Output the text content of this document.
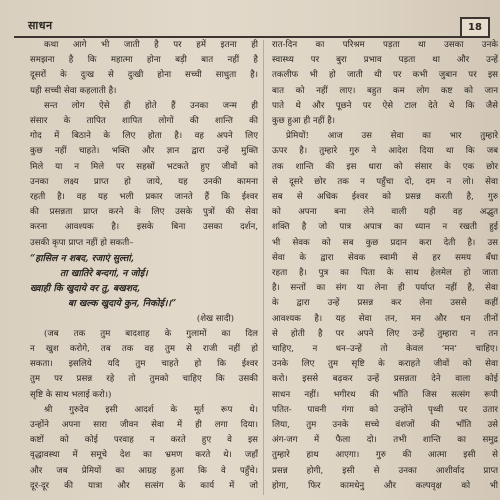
साधन	18
कथा आगे भी जाती है पर हमें इतना ही
समझना है कि महात्मा होना बड़ी बात नहीं है
दूसरों के दुःख से दुःखी होना सच्ची साधुता है।
यही सच्ची सेवा कहलाती है।
सन्त लोग ऐसे ही होते हैं उनका जन्म ही
संसार के तापित शापित लोगों की शान्ति की
गोद में बिठाने के लिए होता है। वह अपने लिए
कुछ नहीं चाहते। भक्ति और ज्ञान द्वारा उन्हें मुक्ति
मिले या न मिले पर सहस्रों भटकते हुए जीवों को
उनका लक्ष्य प्राप्त हो जाये, यह उनकी कामना
रहती है। वह यह भली प्रकार जानते हैं कि ईश्वर
की प्रसन्नता प्राप्त करने के लिए उसके पुत्रों की सेवा
करना आवश्यक है। इसके बिना उसका दर्शन,
उसकी कृपा प्राप्त नहीं हो सकती–
“हासिल न शबद, रजाएं सुल्तां,
ता खातिरे बन्दगां, न जोई।
ख्वाही कि खुदाये वर तु, बखशद,
बा खल्क खुदाये कुन, निकोई।।”
(शेख सादी)
(जब तक तुम बादशाह के गुलामों का दिल
न खुश करोगे, तब तक वह तुम से राजी नहीं हो
सकता। इसलिये यदि तुम चाहते हो कि ईश्वर
तुम पर प्रसन्न रहे तो तुमको चाहिए कि उसकी
सृष्टि के साथ भलाई करो।)
श्री गुरुदेव इसी आदर्श के मूर्त रूप थे।
उन्होंने अपना सारा जीवन सेवा में ही लगा दिया।
कष्टों को कोई परवाह न करते हुए वे इस
वृद्धावस्था में समूचे देश का भ्रमण करते थे। जहाँ
और जब प्रेमियों का आग्रह हुआ कि वे पहुँचे।
दूर-दूर की यात्रा और सत्संग के कार्य में जो
रात-दिन का परिश्रम पड़ता था उसका उनके
स्वास्थ्य पर बुरा प्रभाव पड़ता था और उन्हें
तकलीफ भी हो जाती थी पर कभी जुबान पर इस
बात को नहीं लाए। बहुत कम लोग कष्ट को जान
पाते थे और पूछने पर ऐसे टाल देते थे कि जैसे
कुछ हुआ ही नहीं है।
प्रेमियों! आज उस सेवा का भार तुम्हारे
ऊपर है। तुम्हारे गुरु ने आदेश दिया था कि जब
तक शान्ति की इस धारा को संसार के एक छोर
से दूसरे छोर तक न पहुँचा दो, दम न लो। सेवा
सब से अधिक ईश्वर को प्रसन्न करती है, गुरु
को अपना बना लेने वाली यही वह अद्भुत
शक्ति है जो पात्र अपात्र का ध्यान न रखती हुई
भी सेवक को सब कुछ प्रदान करा देती है। उस
सेवा के द्वारा सेवक स्वामी से हर समय बँधा
रहता है। पुत्र का पिता के साथ हेलमेल हो जाता
है। सन्तों का संग या लेना ही पर्याप्त नहीं है, सेवा
के द्वारा उन्हें प्रसन्न कर लेना उससे कहीं
आवश्यक है। यह सेवा तन, मन और धन तीनों
से होती है पर अपने लिए उन्हें तुम्हारा न तन
चाहिए, न धन–उन्हें तो केवल ‘मन’ चाहिए।
उनके लिए तुम सृष्टि के कराहते जीवों को सेवा
करो। इससे बढ़कर उन्हें प्रसन्नता देने वाला कोई
साधन नहीं। भगीरथ की भाँति जिस सत्संग रूपी
पतित- पावनी गंगा को उन्होंने पृथ्वी पर उतार
लिया, तुम उनके सच्चे वंशजों की भाँति उसे
अंग-जग में फैला दो। तभी शान्ति का समुद्र
तुम्हारे हाथ आएगा। गुरु की आत्मा इसी से
प्रसन्न होगी, इसी से उनका आशीर्वाद प्राप्त
होगा, फिर कामधेनु और कल्पवृक्ष को भी
